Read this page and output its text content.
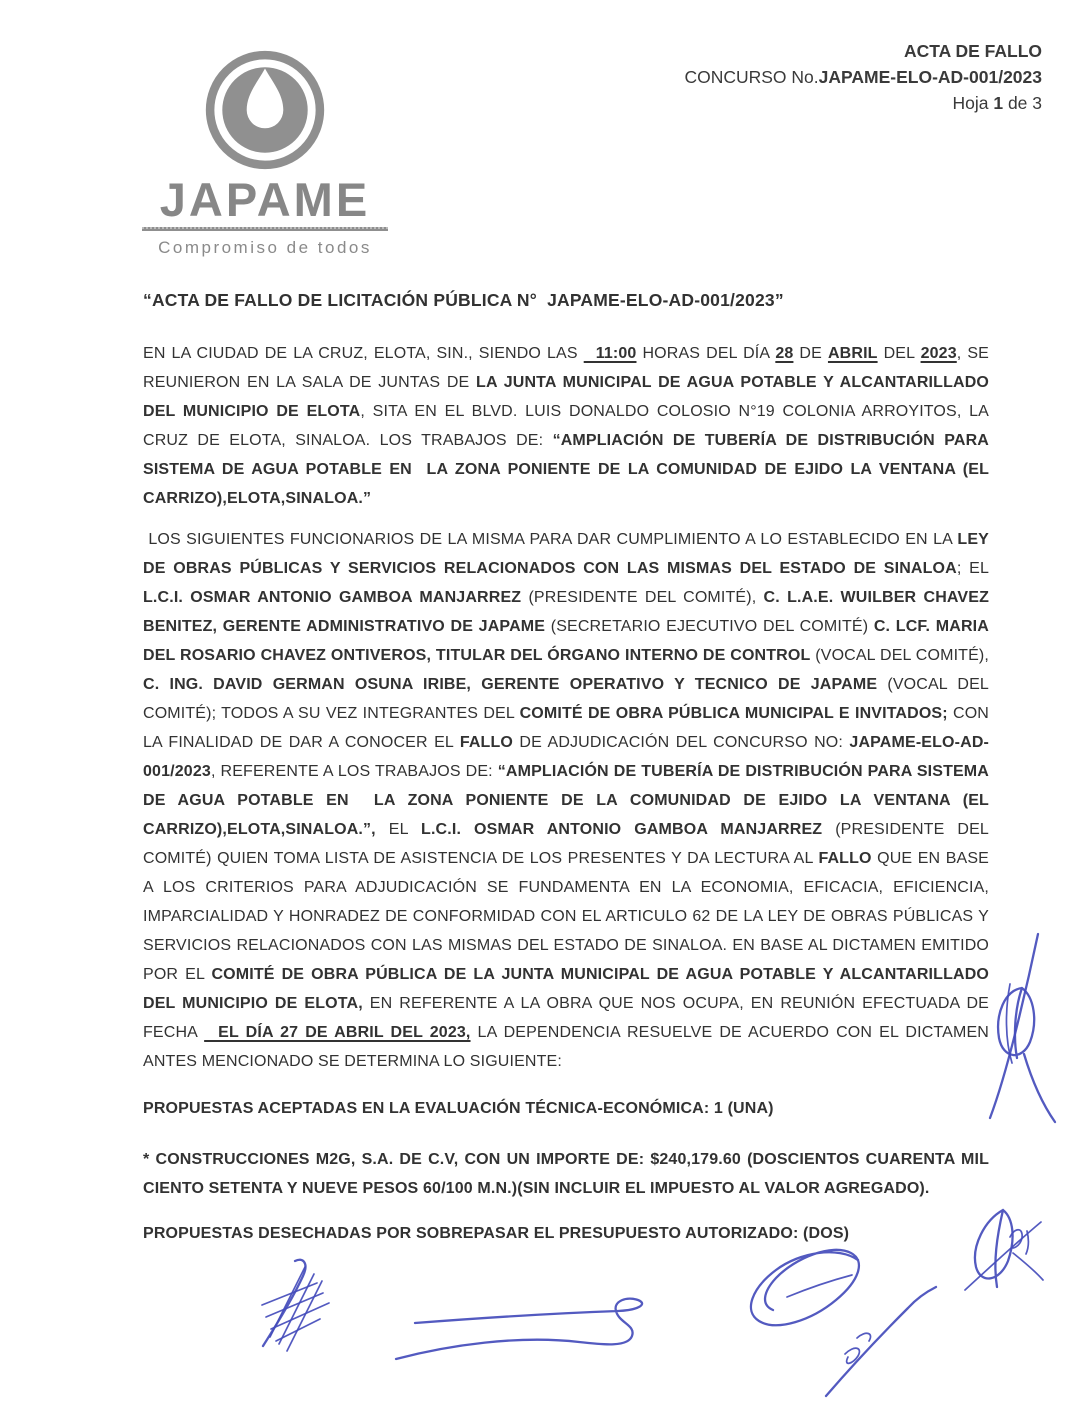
JAPAME
Compromiso de todos
ACTA DE FALLO
CONCURSO No.JAPAME-ELO-AD-001/2023
Hoja 1 de 3

“ACTA DE FALLO DE LICITACIÓN PÚBLICA N°  JAPAME-ELO-AD-001/2023”

EN LA CIUDAD DE LA CRUZ, ELOTA, SIN., SIENDO LAS   11:00 HORAS DEL DÍA 28 DE ABRIL DEL 2023, SE REUNIERON EN LA SALA DE JUNTAS DE LA JUNTA MUNICIPAL DE AGUA POTABLE Y ALCANTARILLADO DEL MUNICIPIO DE ELOTA, SITA EN EL BLVD. LUIS DONALDO COLOSIO N°19 COLONIA ARROYITOS, LA CRUZ DE ELOTA, SINALOA. LOS TRABAJOS DE: “AMPLIACIÓN DE TUBERÍA DE DISTRIBUCIÓN PARA SISTEMA DE AGUA POTABLE EN  LA ZONA PONIENTE DE LA COMUNIDAD DE EJIDO LA VENTANA (EL CARRIZO),ELOTA,SINALOA.”

LOS SIGUIENTES FUNCIONARIOS DE LA MISMA PARA DAR CUMPLIMIENTO A LO ESTABLECIDO EN LA LEY DE OBRAS PÚBLICAS Y SERVICIOS RELACIONADOS CON LAS MISMAS DEL ESTADO DE SINALOA; EL L.C.I. OSMAR ANTONIO GAMBOA MANJARREZ (PRESIDENTE DEL COMITÉ), C. L.A.E. WUILBER CHAVEZ BENITEZ, GERENTE ADMINISTRATIVO DE JAPAME (SECRETARIO EJECUTIVO DEL COMITÉ) C. LCF. MARIA DEL ROSARIO CHAVEZ ONTIVEROS, TITULAR DEL ÓRGANO INTERNO DE CONTROL (VOCAL DEL COMITÉ), C. ING. DAVID GERMAN OSUNA IRIBE, GERENTE OPERATIVO Y TECNICO DE JAPAME (VOCAL DEL COMITÉ); TODOS A SU VEZ INTEGRANTES DEL COMITÉ DE OBRA PÚBLICA MUNICIPAL E INVITADOS; CON LA FINALIDAD DE DAR A CONOCER EL FALLO DE ADJUDICACIÓN DEL CONCURSO NO: JAPAME-ELO-AD-001/2023, REFERENTE A LOS TRABAJOS DE: “AMPLIACIÓN DE TUBERÍA DE DISTRIBUCIÓN PARA SISTEMA DE AGUA POTABLE EN  LA ZONA PONIENTE DE LA COMUNIDAD DE EJIDO LA VENTANA (EL CARRIZO),ELOTA,SINALOA.”, EL L.C.I. OSMAR ANTONIO GAMBOA MANJARREZ (PRESIDENTE DEL COMITÉ) QUIEN TOMA LISTA DE ASISTENCIA DE LOS PRESENTES Y DA LECTURA AL FALLO QUE EN BASE A LOS CRITERIOS PARA ADJUDICACIÓN SE FUNDAMENTA EN LA ECONOMIA, EFICACIA, EFICIENCIA, IMPARCIALIDAD Y HONRADEZ DE CONFORMIDAD CON EL ARTICULO 62 DE LA LEY DE OBRAS PÚBLICAS Y SERVICIOS RELACIONADOS CON LAS MISMAS DEL ESTADO DE SINALOA. EN BASE AL DICTAMEN EMITIDO POR EL COMITÉ DE OBRA PÚBLICA DE LA JUNTA MUNICIPAL DE AGUA POTABLE Y ALCANTARILLADO DEL MUNICIPIO DE ELOTA, EN REFERENTE A LA OBRA QUE NOS OCUPA, EN REUNIÓN EFECTUADA DE FECHA   EL DÍA 27 DE ABRIL DEL 2023, LA DEPENDENCIA RESUELVE DE ACUERDO CON EL DICTAMEN ANTES MENCIONADO SE DETERMINA LO SIGUIENTE:

PROPUESTAS ACEPTADAS EN LA EVALUACIÓN TÉCNICA-ECONÓMICA: 1 (UNA)

* CONSTRUCCIONES M2G, S.A. DE C.V, CON UN IMPORTE DE: $240,179.60 (DOSCIENTOS CUARENTA MIL CIENTO SETENTA Y NUEVE PESOS 60/100 M.N.)(SIN INCLUIR EL IMPUESTO AL VALOR AGREGADO).

PROPUESTAS DESECHADAS POR SOBREPASAR EL PRESUPUESTO AUTORIZADO: (DOS)
